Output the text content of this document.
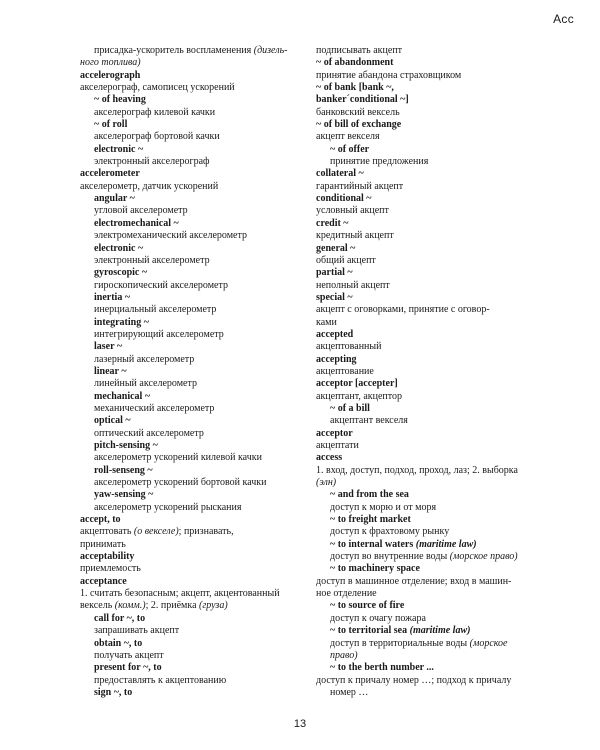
Acc
присадка-ускоритель воспламенения (дизель-
ного топлива)
accelerograph
акселерограф, самописец ускорений
~ of heaving
акселерограф килевой качки
~ of roll
акселерограф бортовой качки
electronic ~
электронный акселерограф
accelerometer
акселерометр, датчик ускорений
angular ~
угловой акселерометр
electromechanical ~
электромеханический акселерометр
electronic ~
электронный акселерометр
gyroscopic ~
гироскопический акселерометр
inertia ~
инерциальный акселерометр
integrating ~
интегрирующий акселерометр
laser ~
лазерный акселерометр
linear ~
линейный акселерометр
mechanical ~
механический акселерометр
optical ~
оптический акселерометр
pitch-sensing ~
акселерометр ускорений килевой качки
roll-senseng ~
акселерометр ускорений бортовой качки
yaw-sensing ~
акселерометр ускорений рыскания
accept, to
акцептовать (о векселе); признавать,
принимать
acceptability
приемлемость
acceptance
1. считать безопасным; акцепт, акцентованный
вексель (комм.); 2. приёмка (груза)
call for ~, to
запрашивать акцепт
obtain ~, to
получать акцепт
present for ~, to
предоставлять к акцептованию
sign ~, to
подписывать акцепт
~ of abandonment
принятие абандона страховщиком
~ of bank [bank ~,
banker´conditional ~]
банковский вексель
~ of bill of exchange
акцепт векселя
~ of offer
принятие предложения
collateral ~
гарантийный акцепт
conditional ~
условный акцепт
credit ~
кредитный акцепт
general ~
общий акцепт
partial ~
неполный акцепт
special ~
акцепт с оговорками, принятие с оговор-
ками
accepted
акцептованный
accepting
акцептование
acceptor [accepter]
акцептант, акцептор
~ of a bill
акцептант векселя
acceptor
акцептати
access
1. вход, доступ, подход, проход, лаз; 2. выборка
(элн)
~ and from the sea
доступ к морю и от моря
~ to freight market
доступ к фрахтовому рынку
~ to internal waters (maritime law)
доступ во внутренние воды (морское право)
~ to machinery space
доступ в машинное отделение; вход в машин-
ное отделение
~ to source of fire
доступ к очагу пожара
~ to territorial sea (maritime law)
доступ в территориальные воды (морское
право)
~ to the berth number ...
доступ к причалу номер …; подход к причалу
номер …
13
